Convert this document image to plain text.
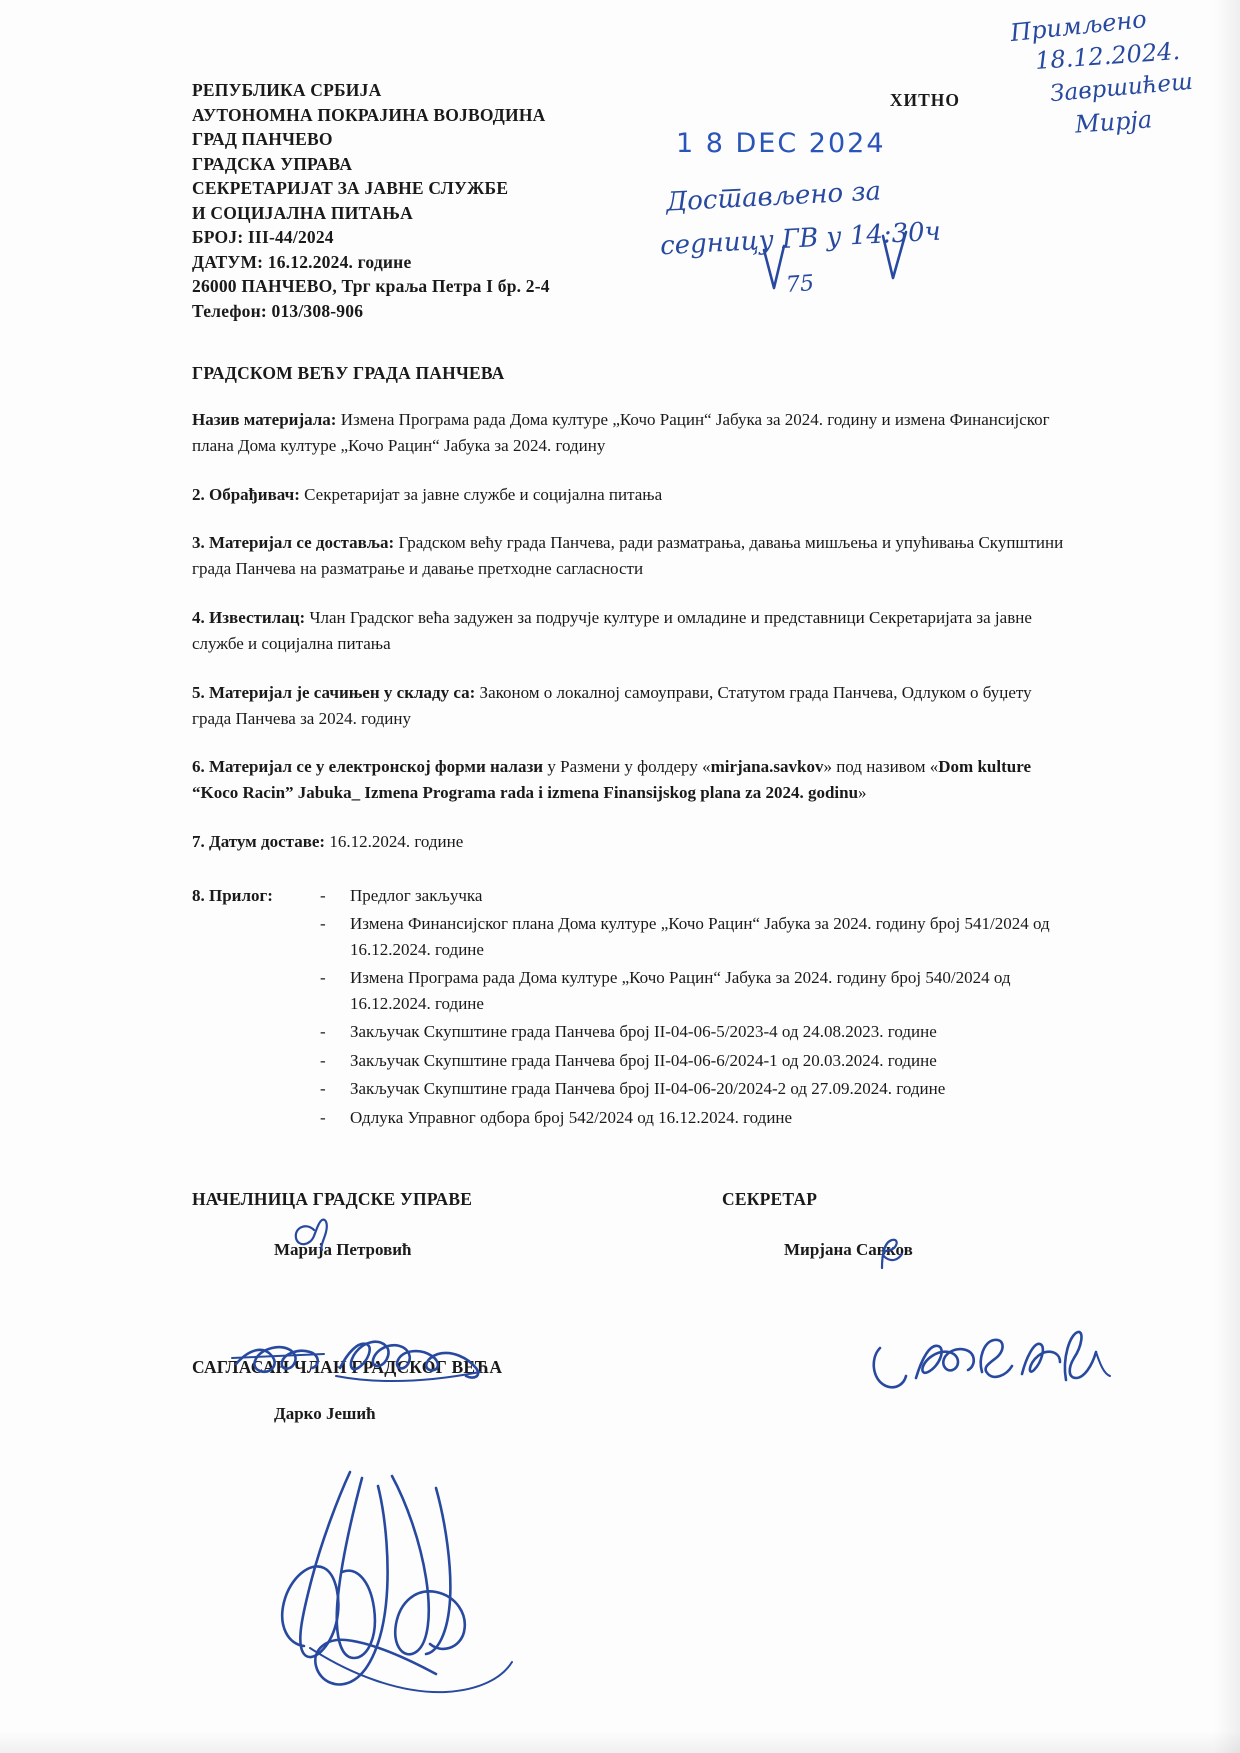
РЕПУБЛИКА СРБИЈА
АУТОНОМНА ПОКРАЈИНА ВОЈВОДИНА
ГРАД ПАНЧЕВО
ГРАДСКА УПРАВА
СЕКРЕТАРИЈАТ ЗА ЈАВНЕ СЛУЖБЕ
И СОЦИЈАЛНА ПИТАЊА
БРОЈ: III-44/2024
ДАТУМ: 16.12.2024. године
26000 ПАНЧЕВО, Трг краља Петра I бр. 2-4
Телефон: 013/308-906
ГРАДСКОМ ВЕЋУ ГРАДА ПАНЧЕВА
Назив материјала: Измена Програма рада Дома културе „Кочо Рацин“ Јабука за 2024. годину и измена Финансијског плана Дома културе „Кочо Рацин“ Јабука за 2024. годину
2. Обрађивач: Секретаријат за јавне службе и социјална питања
3. Материјал се доставља: Градском већу града Панчева, ради разматрања, давања мишљења и упућивања Скупштини града Панчева на разматрање и давање претходне сагласности
4. Известилац: Члан Градског већа задужен за подручје културе и омладине и представници Секретаријата за јавне службе и социјална питања
5. Материјал је сачињен у складу са: Законом о локалној самоуправи, Статутом града Панчева, Одлуком о буџету града Панчева за 2024. годину
6. Материјал се у електронској форми налази у Размени у фолдеру «mirjana.savkov» под називом «Dom kulture “Koco Racin” Jabuka_ Izmena Programa rada i izmena Finansijskog plana za 2024. godinu»
7. Датум доставе: 16.12.2024. године
8. Прилог:	-	Предлог закључка
-	Измена Финансијског плана Дома културе „Кочо Рацин“ Јабука за 2024. годину број 541/2024 од 16.12.2024. године
-	Измена Програма рада Дома културе „Кочо Рацин“ Јабука за 2024. годину број 540/2024 од 16.12.2024. године
-	Закључак Скупштине града Панчева број II-04-06-5/2023-4 од 24.08.2023. године
-	Закључак Скупштине града Панчева број II-04-06-6/2024-1 од 20.03.2024. године
-	Закључак Скупштине града Панчева број II-04-06-20/2024-2 од 27.09.2024. године
-	Одлука Управног одбора број 542/2024 од 16.12.2024. године
НАЧЕЛНИЦА ГРАДСКЕ УПРАВЕ
Марија Петровић
СЕКРЕТАР
Мирјана Савков
САГЛАСАН ЧЛАН ГРАДСКОГ ВЕЋА
Дарко Јешић
ХИТНО
1 8 DEC 2024
Примљено
18.12.2024.
Завршићеш
Мирја
Достављено за
седницу ГВ у 14:30ч
75
